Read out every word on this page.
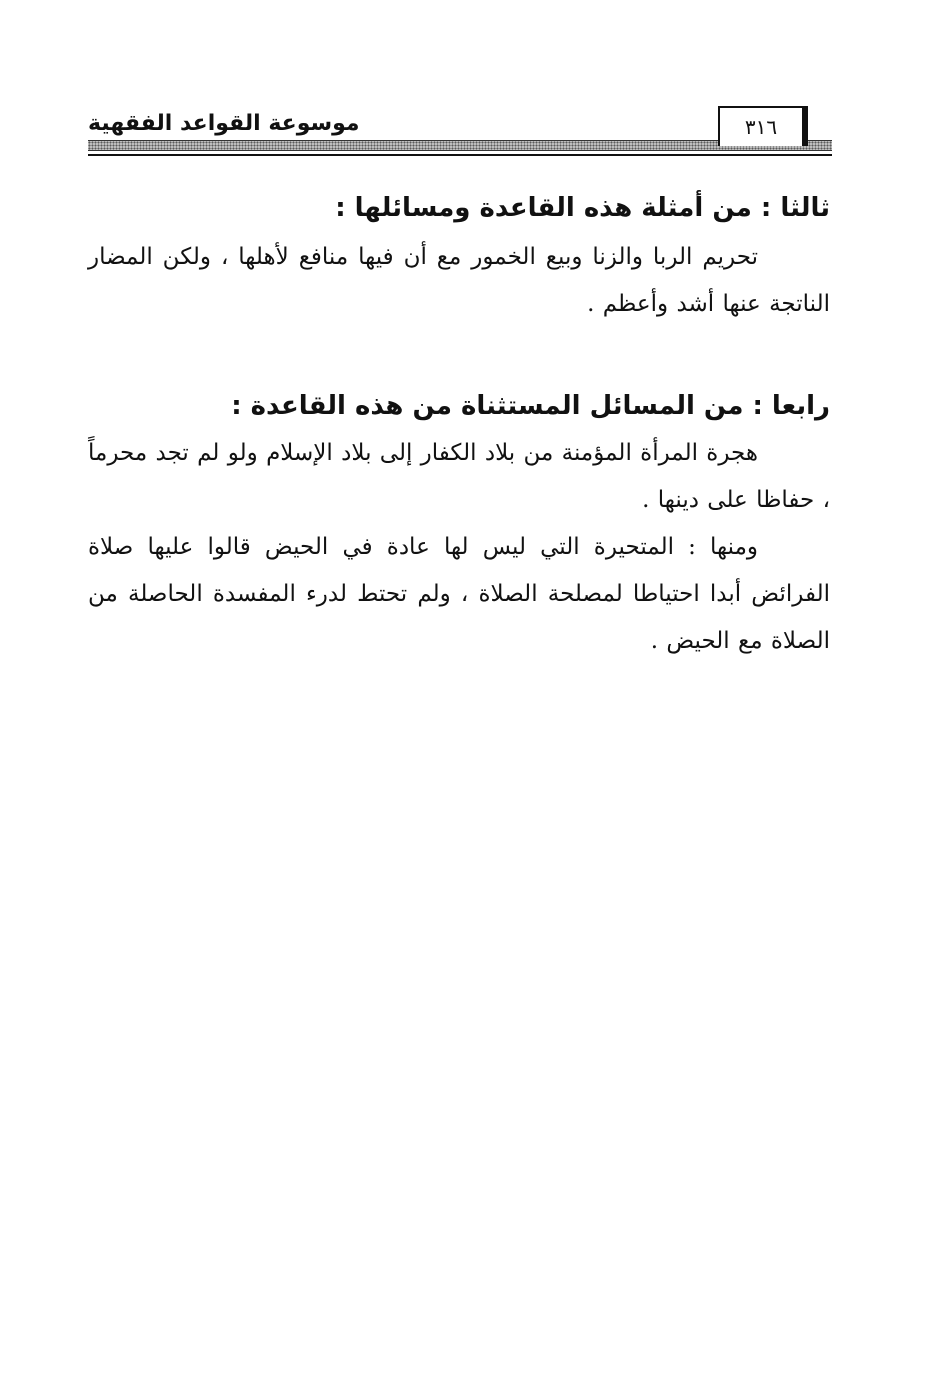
موسوعة القواعد الفقهية	٣١٦
ثالثا : من أمثلة هذه القاعدة ومسائلها :

تحريم الربا والزنا وبيع الخمور مع أن فيها منافع لأهلها ، ولكن المضار الناتجة عنها أشد وأعظم .

رابعا : من المسائل المستثناة من هذه القاعدة :

هجرة المرأة المؤمنة من بلاد الكفار إلى بلاد الإسلام ولو لم تجد محرماً ، حفاظا على دينها .

ومنها : المتحيرة التي ليس لها عادة في الحيض قالوا عليها صلاة الفرائض أبدا احتياطا لمصلحة الصلاة ، ولم تحتط لدرء المفسدة الحاصلة من الصلاة مع الحيض .
